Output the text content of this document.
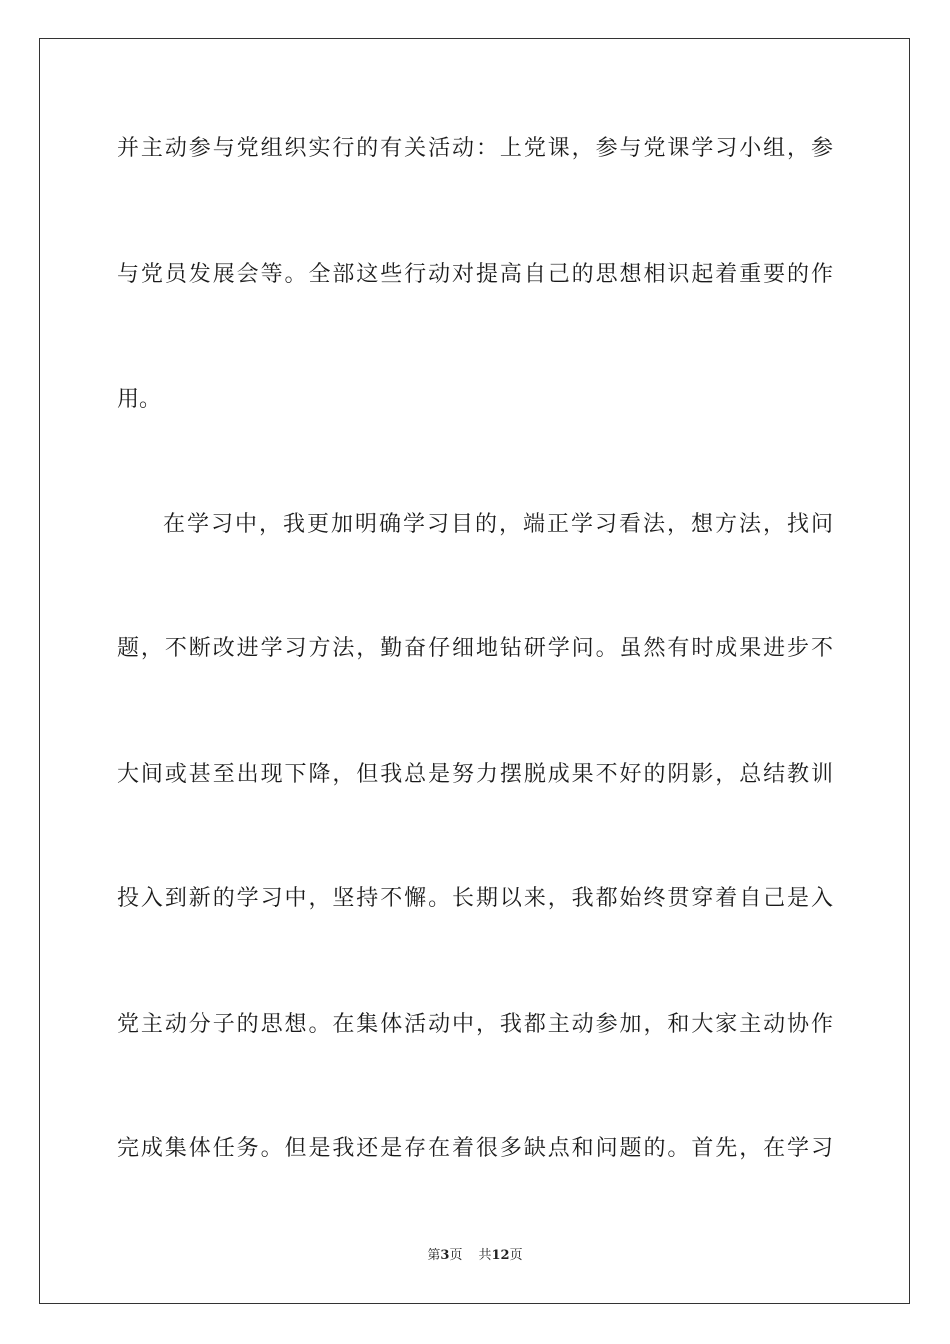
并主动参与党组织实行的有关活动：上党课，参与党课学习小组，参
与党员发展会等。全部这些行动对提高自己的思想相识起着重要的作
用。
在学习中，我更加明确学习目的，端正学习看法，想方法，找问
题，不断改进学习方法，勤奋仔细地钻研学问。虽然有时成果进步不
大间或甚至出现下降，但我总是努力摆脱成果不好的阴影，总结教训
投入到新的学习中，坚持不懈。长期以来，我都始终贯穿着自己是入
党主动分子的思想。在集体活动中，我都主动参加，和大家主动协作
完成集体任务。但是我还是存在着很多缺点和问题的。首先，在学习
第3页 共12页
